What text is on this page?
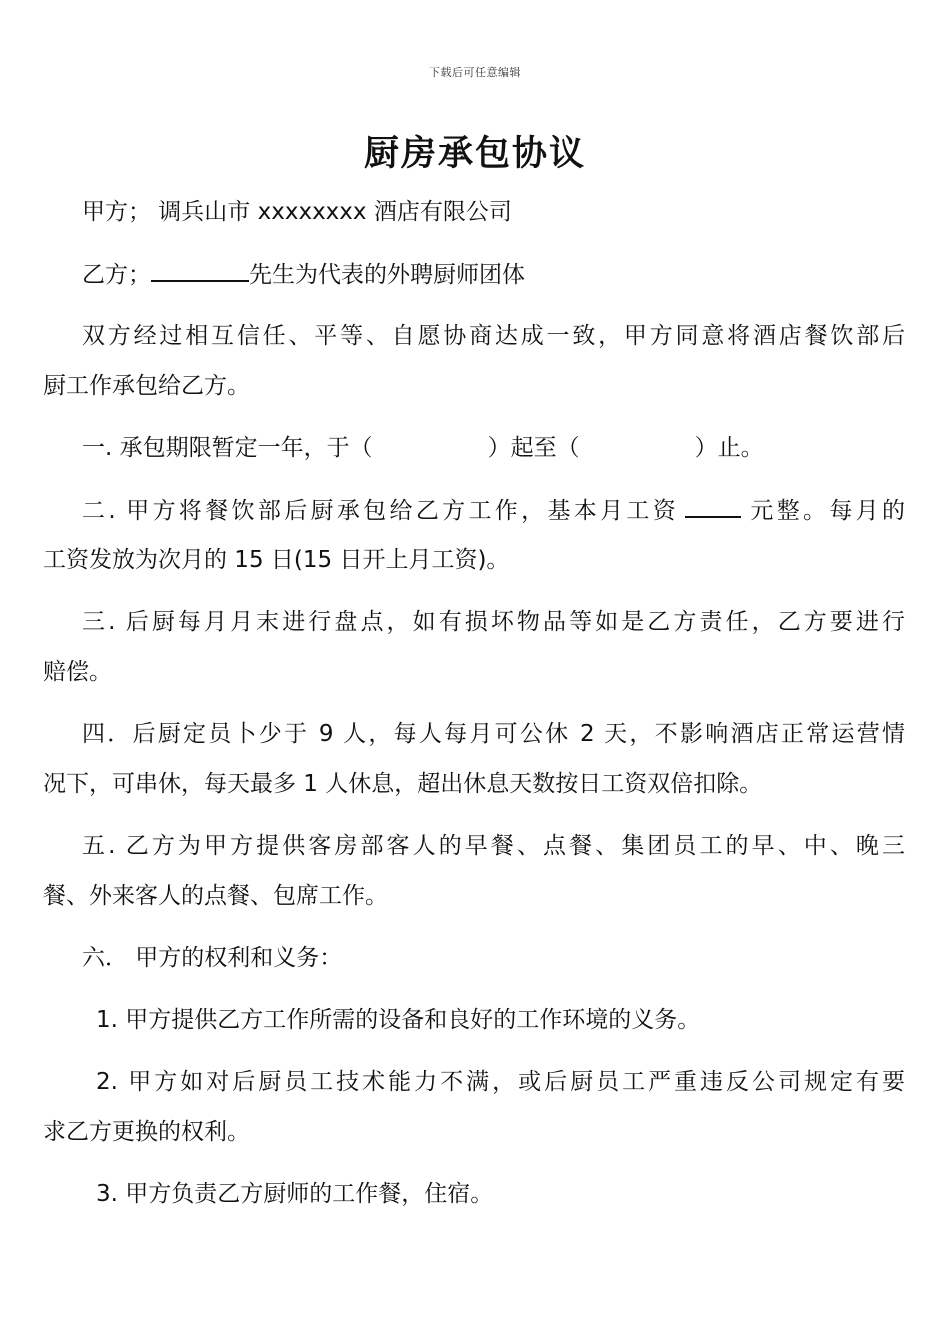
下载后可任意编辑
厨房承包协议
甲方； 调兵山市 xxxxxxxx 酒店有限公司
乙方；	先生为代表的外聘厨师团体
双方经过相互信任、平等、自愿协商达成一致，甲方同意将酒店餐饮部后
厨工作承包给乙方。
一. 承包期限暂定一年，于（　　　　　）起至（　　　　　）止。
二. 甲方将餐饮部后厨承包给乙方工作，基本月工资	元整。每月的
工资发放为次月的 15 日(15 日开上月工资)。
三. 后厨每月月末进行盘点，如有损坏物品等如是乙方责任，乙方要进行
赔偿。
四．后厨定员卜少于 9 人，每人每月可公休 2 天，不影响酒店正常运营情
况下，可串休，每天最多 1 人休息，超出休息天数按日工资双倍扣除。
五. 乙方为甲方提供客房部客人的早餐、点餐、集团员工的早、中、晚三
餐、外来客人的点餐、包席工作。
六． 甲方的权利和义务：
1. 甲方提供乙方工作所需的设备和良好的工作环境的义务。
2. 甲方如对后厨员工技术能力不满，或后厨员工严重违反公司规定有要
求乙方更换的权利。
3. 甲方负责乙方厨师的工作餐，住宿。
